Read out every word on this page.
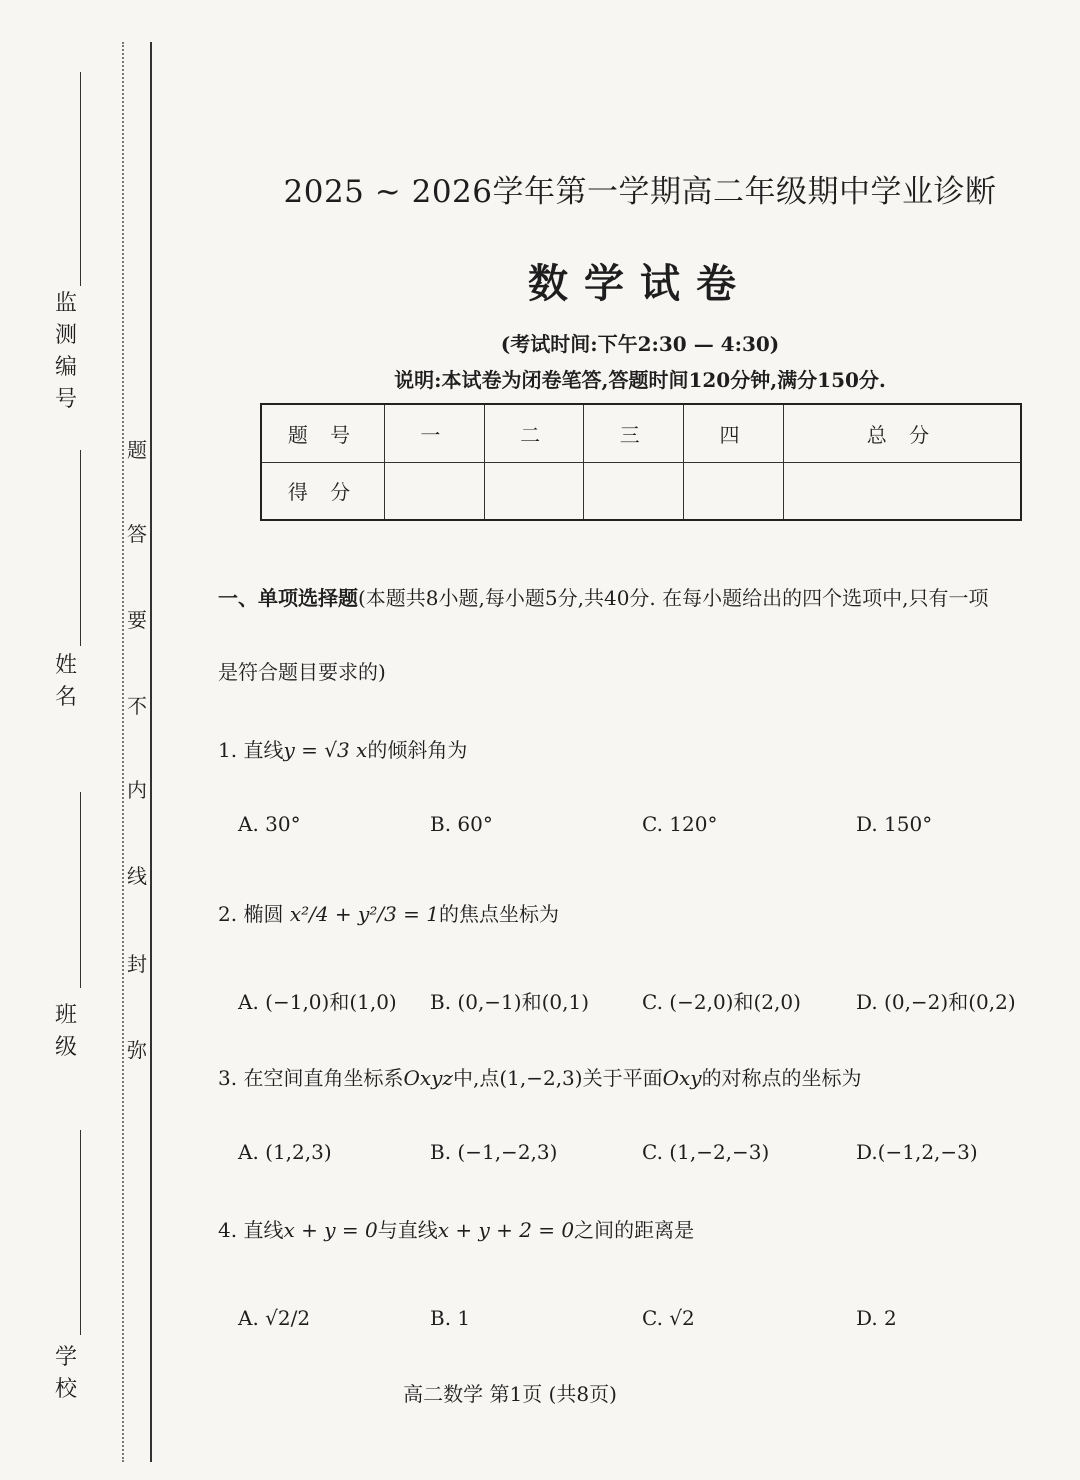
监
测
编
号
姓
名
班
级
学
校
题
答
要
不
内
线
封
弥
2025 ~ 2026学年第一学期高二年级期中学业诊断
数学试卷
(考试时间:下午2:30 — 4:30)
说明:本试卷为闭卷笔答,答题时间120分钟,满分150分.
题 号	一	二	三	四	总 分
得 分					
一、单项选择题(本题共8小题,每小题5分,共40分. 在每小题给出的四个选项中,只有一项
是符合题目要求的)
1. 直线y = √3 x的倾斜角为
A. 30°	B. 60°	C. 120°	D. 150°
2. 椭圆 x²/4 + y²/3 = 1的焦点坐标为
A. (−1,0)和(1,0) B. (0,−1)和(0,1)	C. (−2,0)和(2,0)	D. (0,−2)和(0,2)
3. 在空间直角坐标系Oxyz中,点(1,−2,3)关于平面Oxy的对称点的坐标为
A. (1,2,3)	B. (−1,−2,3)	C. (1,−2,−3)	D.(−1,2,−3)
4. 直线x + y = 0与直线x + y + 2 = 0之间的距离是
A. √2/2	B. 1	C. √2	D. 2
高二数学 第1页 (共8页)
